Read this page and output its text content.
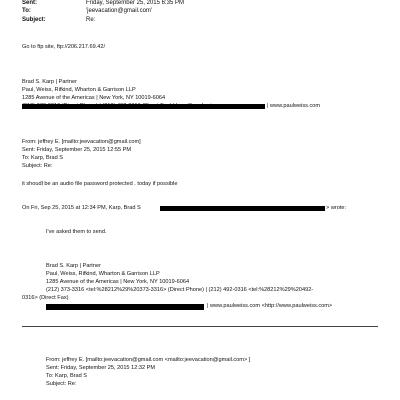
Sent:	Friday, September 25, 2015 6:35 PM
To:	'jeevacation@gmail.com'
Subject:	Re:
Go to ftp site, ftp://206.217.69.42/
Brad S. Karp | Partner
Paul, Weiss, Rifkind, Wharton & Garrison LLP
1285 Avenue of the Americas | New York, NY 10019-6064
| www.paulweiss.com
From: jeffrey E. [mailto:jeevacation@gmail.com]
Sent: Friday, September 25, 2015 12:55 PM
To: Karp, Brad S
Subject: Re:
it shoudl be an audio file password protected . today if possible
On Fri, Sep 25, 2015 at 12:34 PM, Karp, Brad S	> wrote:
I've asked them to send.
Brad S. Karp | Partner
Paul, Weiss, Rifkind, Wharton & Garrison LLP
1285 Avenue of the Americas | New York, NY 10019-6064
(212) 373-3316 <tel:%28212%29%20373-3316> (Direct Phone) | (212) 492-0316 <tel:%28212%29%20492-
0316> (Direct Fax)
| www.paulweiss.com <http://www.paulweiss.com>
From: jeffrey E. [mailto:jeevacation@gmail.com <mailto:jeevacation@gmail.com> ]
Sent: Friday, September 25, 2015 12:32 PM
To: Karp, Brad S
Subject: Re:
